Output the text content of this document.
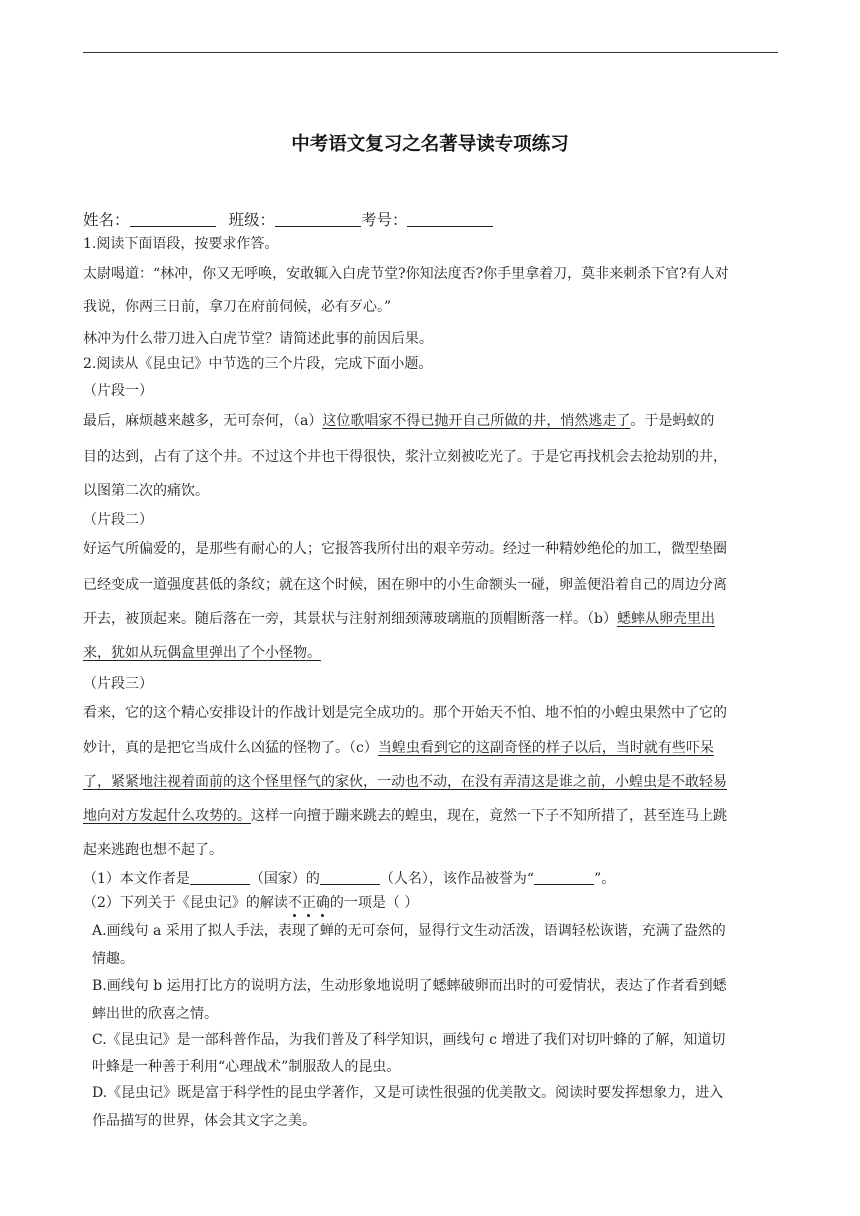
中考语文复习之名著导读专项练习
姓名：	班级：	考号：
1.阅读下面语段，按要求作答。
太尉喝道：“林冲，你又无呼唤，安敢辄入白虎节堂?你知法度否?你手里拿着刀，莫非来刺杀下官?有人对
我说，你两三日前，拿刀在府前伺候，必有歹心。”
林冲为什么带刀进入白虎节堂？请简述此事的前因后果。
2.阅读从《昆虫记》中节选的三个片段，完成下面小题。
（片段一）
最后，麻烦越来越多，无可奈何，（a）这位歌唱家不得已抛开自己所做的井，悄然逃走了。于是蚂蚁的
目的达到，占有了这个井。不过这个井也干得很快，浆汁立刻被吃光了。于是它再找机会去抢劫别的井，
以图第二次的痛饮。
（片段二）
好运气所偏爱的，是那些有耐心的人；它报答我所付出的艰辛劳动。经过一种精妙绝伦的加工，微型垫圈
已经变成一道强度甚低的条纹；就在这个时候，困在卵中的小生命额头一碰，卵盖便沿着自己的周边分离
开去，被顶起来。随后落在一旁，其景状与注射剂细颈薄玻璃瓶的顶帽断落一样。（b）蟋蟀从卵壳里出
来，犹如从玩偶盒里弹出了个小怪物。
（片段三）
看来，它的这个精心安排设计的作战计划是完全成功的。那个开始天不怕、地不怕的小蝗虫果然中了它的
妙计，真的是把它当成什么凶猛的怪物了。（c）当蝗虫看到它的这副奇怪的样子以后，当时就有些吓呆
了，紧紧地注视着面前的这个怪里怪气的家伙，一动也不动，在没有弄清这是谁之前，小蝗虫是不敢轻易
地向对方发起什么攻势的。这样一向擅于蹦来跳去的蝗虫，现在，竟然一下子不知所措了，甚至连马上跳
起来逃跑也想不起了。
（1）本文作者是	（国家）的	（人名），该作品被誉为“	”。
（2）下列关于《昆虫记》的解读不正确的一项是（ ）
A.画线句 a 采用了拟人手法，表现了蝉的无可奈何，显得行文生动活泼，语调轻松诙谐，充满了盎然的
情趣。
B.画线句 b 运用打比方的说明方法，生动形象地说明了蟋蟀破卵而出时的可爱情状，表达了作者看到蟋
蟀出世的欣喜之情。
C.《昆虫记》是一部科普作品，为我们普及了科学知识，画线句 c 增进了我们对切叶蜂的了解，知道切
叶蜂是一种善于利用“心理战术”制服敌人的昆虫。
D.《昆虫记》既是富于科学性的昆虫学著作，又是可读性很强的优美散文。阅读时要发挥想象力，进入
作品描写的世界，体会其文字之美。
